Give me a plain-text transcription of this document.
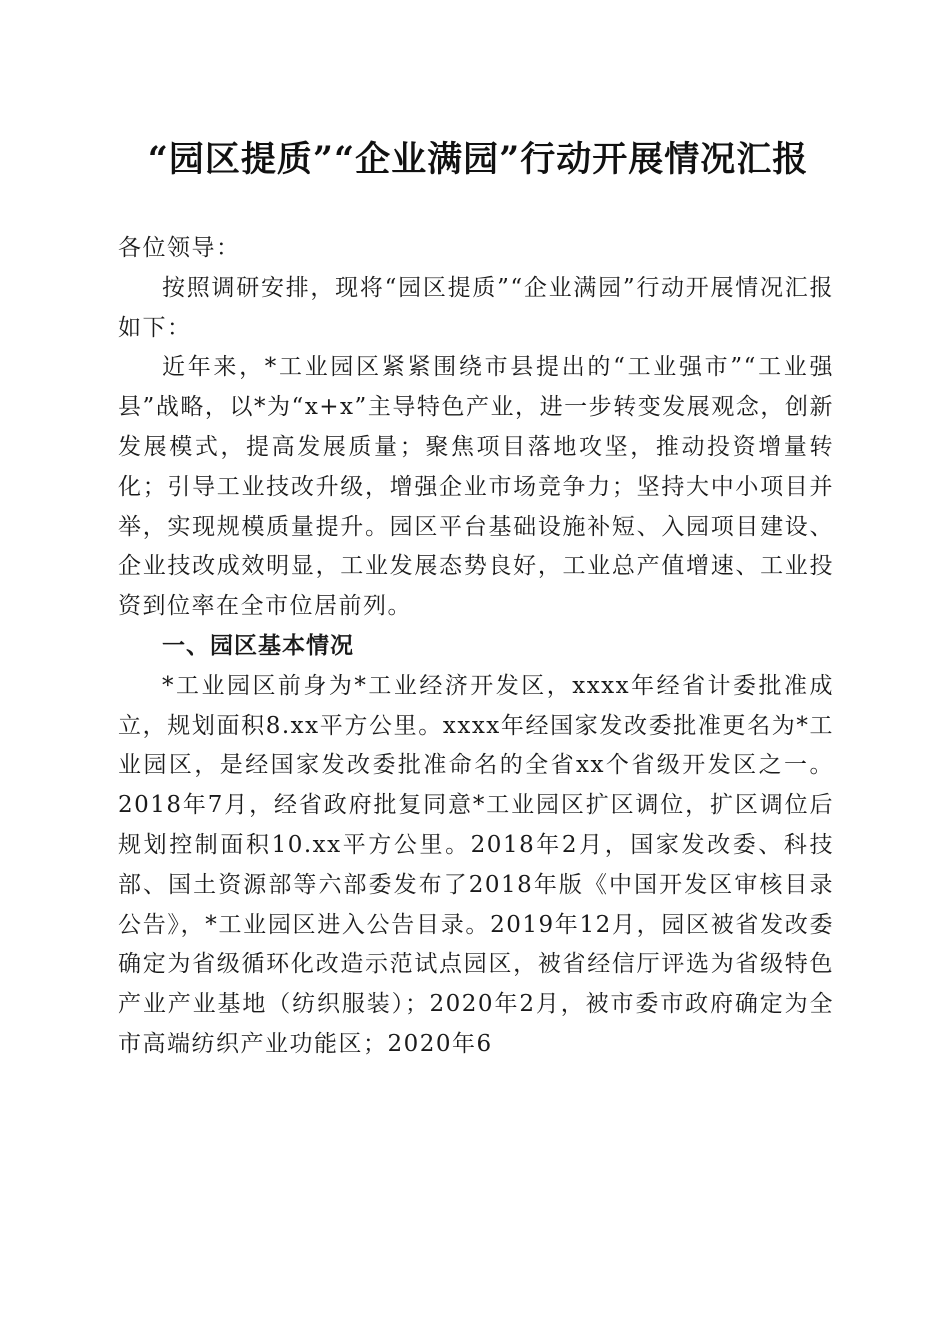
“园区提质”“企业满园”行动开展情况汇报

各位领导：

按照调研安排，现将“园区提质”“企业满园”行动开展情况汇报如下：

近年来，*工业园区紧紧围绕市县提出的“工业强市”“工业强县”战略，以*为“x+x”主导特色产业，进一步转变发展观念，创新发展模式，提高发展质量；聚焦项目落地攻坚，推动投资增量转化；引导工业技改升级，增强企业市场竞争力；坚持大中小项目并举，实现规模质量提升。园区平台基础设施补短、入园项目建设、企业技改成效明显，工业发展态势良好，工业总产值增速、工业投资到位率在全市位居前列。

一、园区基本情况

*工业园区前身为*工业经济开发区，xxxx年经省计委批准成立，规划面积8.xx平方公里。xxxx年经国家发改委批准更名为*工业园区，是经国家发改委批准命名的全省xx个省级开发区之一。2018年7月，经省政府批复同意*工业园区扩区调位，扩区调位后规划控制面积10.xx平方公里。2018年2月，国家发改委、科技部、国土资源部等六部委发布了2018年版《中国开发区审核目录公告》，*工业园区进入公告目录。2019年12月，园区被省发改委确定为省级循环化改造示范试点园区，被省经信厅评选为省级特色产业产业基地（纺织服装）；2020年2月，被市委市政府确定为全市高端纺织产业功能区；2020年6
